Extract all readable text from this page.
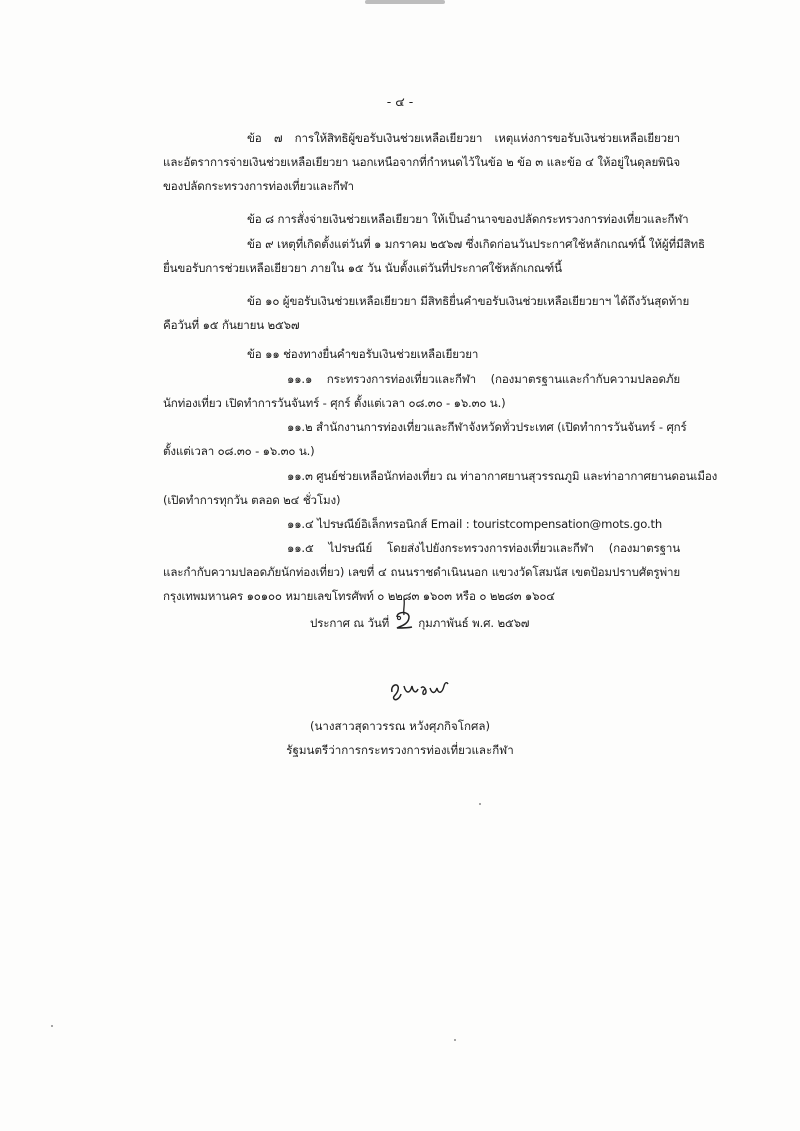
- ๔ -
ข้อ ๗ การให้สิทธิผู้ขอรับเงินช่วยเหลือเยียวยา เหตุแห่งการขอรับเงินช่วยเหลือเยียวยา
และอัตราการจ่ายเงินช่วยเหลือเยียวยา นอกเหนือจากที่กำหนดไว้ในข้อ ๒ ข้อ ๓ และข้อ ๔ ให้อยู่ในดุลยพินิจ
ของปลัดกระทรวงการท่องเที่ยวและกีฬา
ข้อ ๘ การสั่งจ่ายเงินช่วยเหลือเยียวยา ให้เป็นอำนาจของปลัดกระทรวงการท่องเที่ยวและกีฬา
ข้อ ๙ เหตุที่เกิดตั้งแต่วันที่ ๑ มกราคม ๒๕๖๗ ซึ่งเกิดก่อนวันประกาศใช้หลักเกณฑ์นี้ ให้ผู้ที่มีสิทธิ
ยื่นขอรับการช่วยเหลือเยียวยา ภายใน ๑๕ วัน นับตั้งแต่วันที่ประกาศใช้หลักเกณฑ์นี้
ข้อ ๑๐ ผู้ขอรับเงินช่วยเหลือเยียวยา มีสิทธิยื่นคำขอรับเงินช่วยเหลือเยียวยาฯ ได้ถึงวันสุดท้าย
คือวันที่ ๑๕ กันยายน ๒๕๖๗
ข้อ ๑๑ ช่องทางยื่นคำขอรับเงินช่วยเหลือเยียวยา
๑๑.๑ กระทรวงการท่องเที่ยวและกีฬา (กองมาตรฐานและกำกับความปลอดภัย
นักท่องเที่ยว เปิดทำการวันจันทร์ - ศุกร์ ตั้งแต่เวลา ๐๘.๓๐ - ๑๖.๓๐ น.)
๑๑.๒ สำนักงานการท่องเที่ยวและกีฬาจังหวัดทั่วประเทศ (เปิดทำการวันจันทร์ - ศุกร์
ตั้งแต่เวลา ๐๘.๓๐ - ๑๖.๓๐ น.)
๑๑.๓ ศูนย์ช่วยเหลือนักท่องเที่ยว ณ ท่าอากาศยานสุวรรณภูมิ และท่าอากาศยานดอนเมือง
(เปิดทำการทุกวัน ตลอด ๒๔ ชั่วโมง)
๑๑.๔ ไปรษณีย์อิเล็กทรอนิกส์ Email : touristcompensation@mots.go.th
๑๑.๕ ไปรษณีย์ โดยส่งไปยังกระทรวงการท่องเที่ยวและกีฬา (กองมาตรฐาน
และกำกับความปลอดภัยนักท่องเที่ยว) เลขที่ ๔ ถนนราชดำเนินนอก แขวงวัดโสมนัส เขตป้อมปราบศัตรูพ่าย
กรุงเทพมหานคร ๑๐๑๐๐ หมายเลขโทรศัพท์ ๐ ๒๒๘๓ ๑๖๐๓ หรือ ๐ ๒๒๘๓ ๑๖๐๔
ประกาศ ณ วันที่	กุมภาพันธ์ พ.ศ. ๒๕๖๗
(นางสาวสุดาวรรณ หวังศุภกิจโกศล)
รัฐมนตรีว่าการกระทรวงการท่องเที่ยวและกีฬา
